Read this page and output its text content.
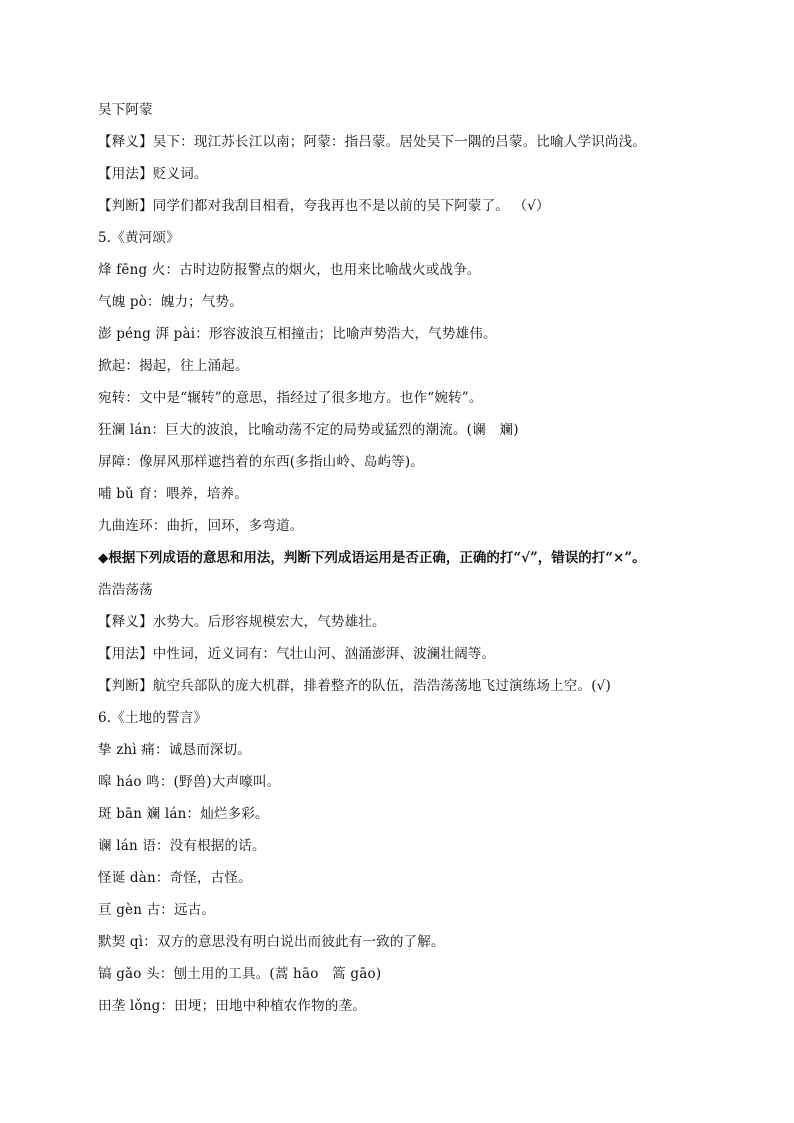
吴下阿蒙
【释义】吴下：现江苏长江以南；阿蒙：指吕蒙。居处吴下一隅的吕蒙。比喻人学识尚浅。
【用法】贬义词。
【判断】同学们都对我刮目相看，夸我再也不是以前的吴下阿蒙了。 （√）
5.《黄河颂》
烽 fēng 火：古时边防报警点的烟火，也用来比喻战火或战争。
气魄 pò：魄力；气势。
澎 péng 湃 pài：形容波浪互相撞击；比喻声势浩大，气势雄伟。
掀起：揭起，往上涌起。
宛转：文中是“辗转”的意思，指经过了很多地方。也作“婉转”。
狂澜 lán：巨大的波浪，比喻动荡不定的局势或猛烈的潮流。(谰　斓)
屏障：像屏风那样遮挡着的东西(多指山岭、岛屿等)。
哺 bǔ 育：喂养，培养。
九曲连环：曲折，回环，多弯道。
◆根据下列成语的意思和用法，判断下列成语运用是否正确，正确的打“√”，错误的打“×”。
浩浩荡荡
【释义】水势大。后形容规模宏大，气势雄壮。
【用法】中性词，近义词有：气壮山河、汹涌澎湃、波澜壮阔等。
【判断】航空兵部队的庞大机群，排着整齐的队伍，浩浩荡荡地飞过演练场上空。(√)
6.《土地的誓言》
挚 zhì 痛：诚恳而深切。
嗥 háo 鸣：(野兽)大声嚎叫。
斑 bān 斓 lán：灿烂多彩。
谰 lán 语：没有根据的话。
怪诞 dàn：奇怪，古怪。
亘 gèn 古：远古。
默契 qì：双方的意思没有明白说出而彼此有一致的了解。
镐 gǎo 头：刨土用的工具。(蒿 hāo　篙 gāo)
田垄 lǒng：田埂；田地中种植农作物的垄。
